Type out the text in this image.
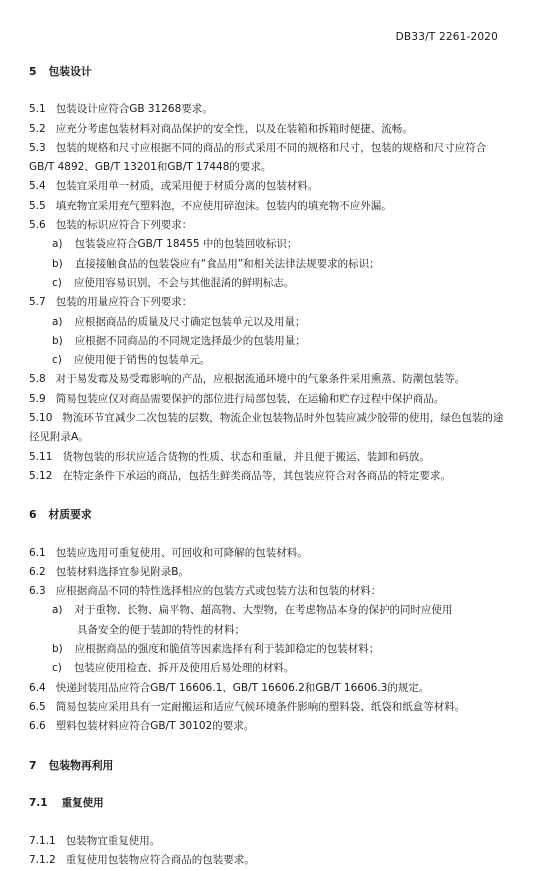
DB33/T 2261-2020

5 包装设计

5.1 包装设计应符合GB 31268要求。

5.2 应充分考虑包装材料对商品保护的安全性，以及在装箱和拆箱时便捷、流畅。

5.3 包装的规格和尺寸应根据不同的商品的形式采用不同的规格和尺寸，包装的规格和尺寸应符合GB/T 4892、GB/T 13201和GB/T 17448的要求。

5.4 包装宜采用单一材质，或采用便于材质分离的包装材料。

5.5 填充物宜采用充气塑料泡，不应使用碎泡沫。包装内的填充物不应外漏。

5.6 包装的标识应符合下列要求：

a) 包装袋应符合GB/T 18455 中的包装回收标识；

b) 直接接触食品的包装袋应有“食品用”和相关法律法规要求的标识；

c) 应使用容易识别，不会与其他混淆的鲜明标志。

5.7 包装的用量应符合下列要求：

a) 应根据商品的质量及尺寸确定包装单元以及用量；

b) 应根据不同商品的不同规定选择最少的包装用量；

c) 应使用便于销售的包装单元。

5.8 对于易发霉及易受霉影响的产品，应根据流通环境中的气象条件采用熏蒸、防潮包装等。

5.9 简易包装应仅对商品需要保护的部位进行局部包装，在运输和贮存过程中保护商品。

5.10 物流环节宜减少二次包装的层数，物流企业包装物品时外包装应减少胶带的使用，绿色包装的途径见附录A。

5.11 货物包装的形状应适合货物的性质、状态和重量，并且便于搬运、装卸和码放。

5.12 在特定条件下承运的商品，包括生鲜类商品等，其包装应符合对各商品的特定要求。

6 材质要求

6.1 包装应选用可重复使用、可回收和可降解的包装材料。

6.2 包装材料选择宜参见附录B。

6.3 应根据商品不同的特性选择相应的包装方式或包装方法和包装的材料：

a) 对于重物、长物、扁平物、超高物、大型物，在考虑物品本身的保护的同时应使用
具备安全的便于装卸的特性的材料；

b) 应根据商品的强度和脆值等因素选择有利于装卸稳定的包装材料；

c) 包装应使用检查、拆开及使用后易处理的材料。

6.4 快递封装用品应符合GB/T 16606.1、GB/T 16606.2和GB/T 16606.3的规定。

6.5 简易包装应采用具有一定耐搬运和适应气候环境条件影响的塑料袋、纸袋和纸盒等材料。

6.6 塑料包装材料应符合GB/T 30102的要求。

7 包装物再利用

7.1 重复使用

7.1.1 包装物宜重复使用。

7.1.2 重复使用包装物应符合商品的包装要求。
